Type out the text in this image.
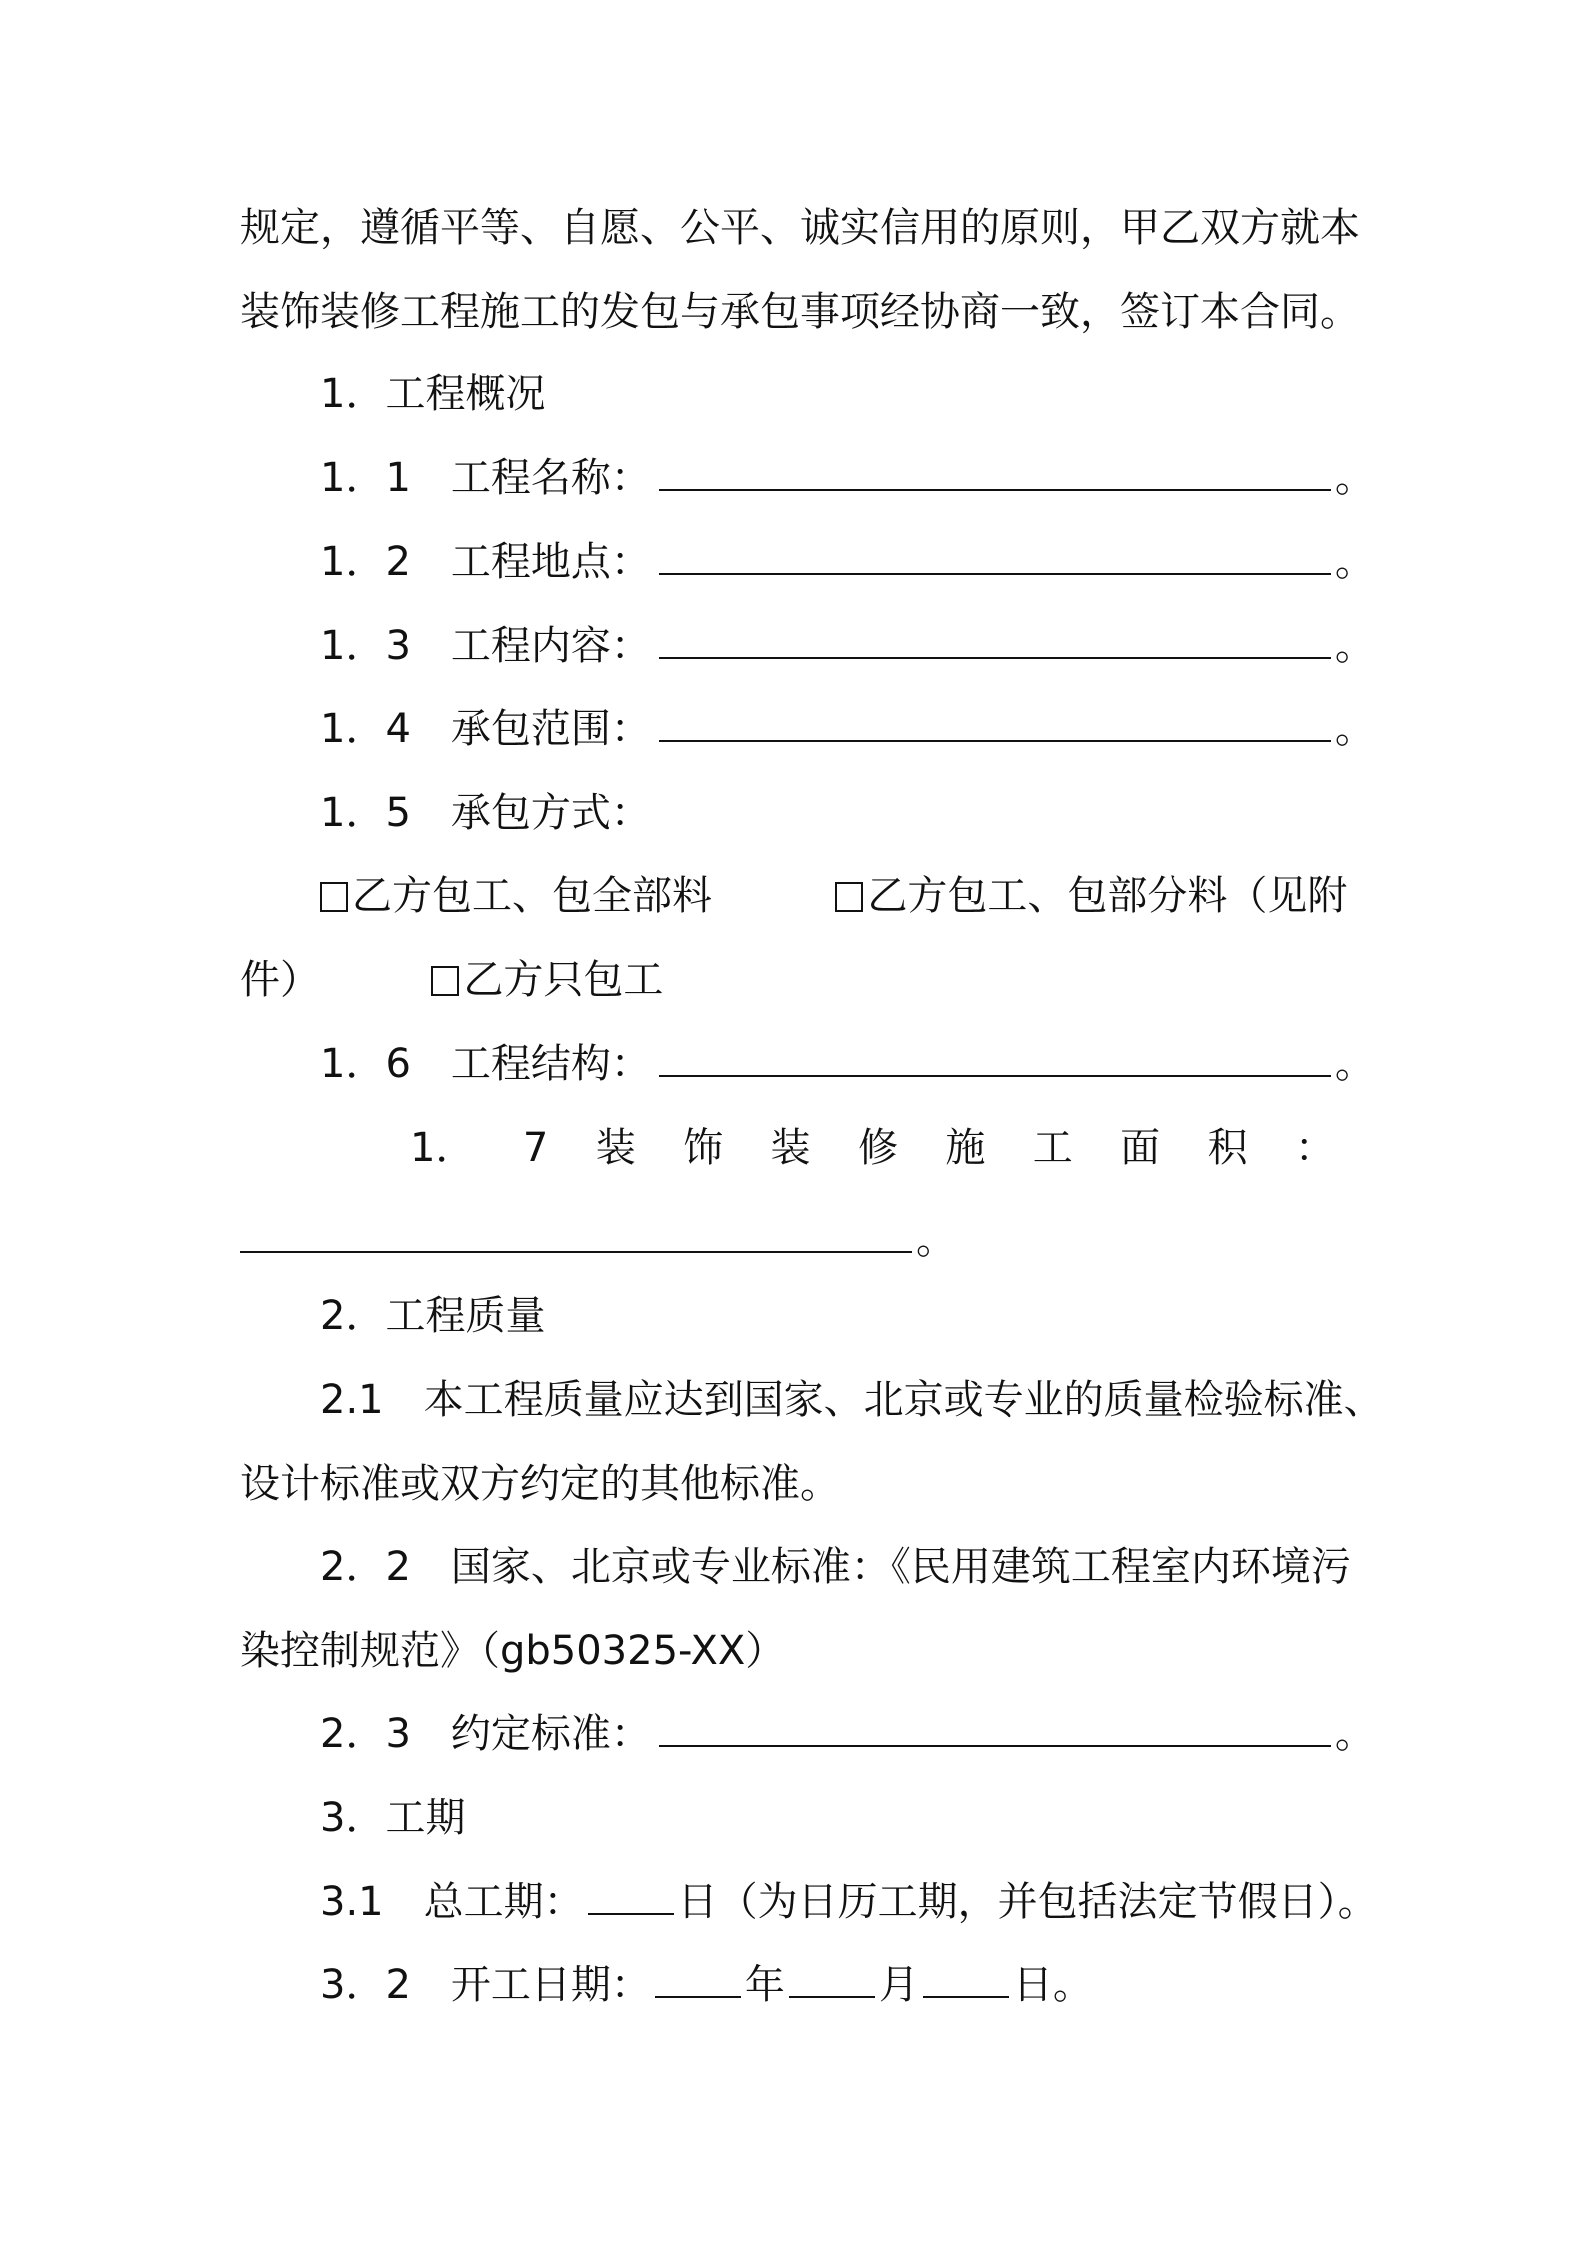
规定，遵循平等、自愿、公平、诚实信用的原则，甲乙双方就本
装饰装修工程施工的发包与承包事项经协商一致，签订本合同。
1．工程概况
1．1　工程名称：	。
1．2　工程地点：	。
1．3　工程内容：	。
1．4　承包范围：	。
1．5　承包方式：
乙方包工、包全部料	乙方包工、包部分料（见附
件）	乙方只包工
1．6　工程结构：	。
1． 7 装 饰 装 修 施 工 面 积 ：
。
2．工程质量
2.1　本工程质量应达到国家、北京或专业的质量检验标准、
设计标准或双方约定的其他标准。
2．2　国家、北京或专业标准：《民用建筑工程室内环境污
染控制规范》（gb50325-XX）
2．3　约定标准：	。
3．工期
3.1　总工期： 日（为日历工期，并包括法定节假日）。
3．2　开工日期： 年 月 日。
